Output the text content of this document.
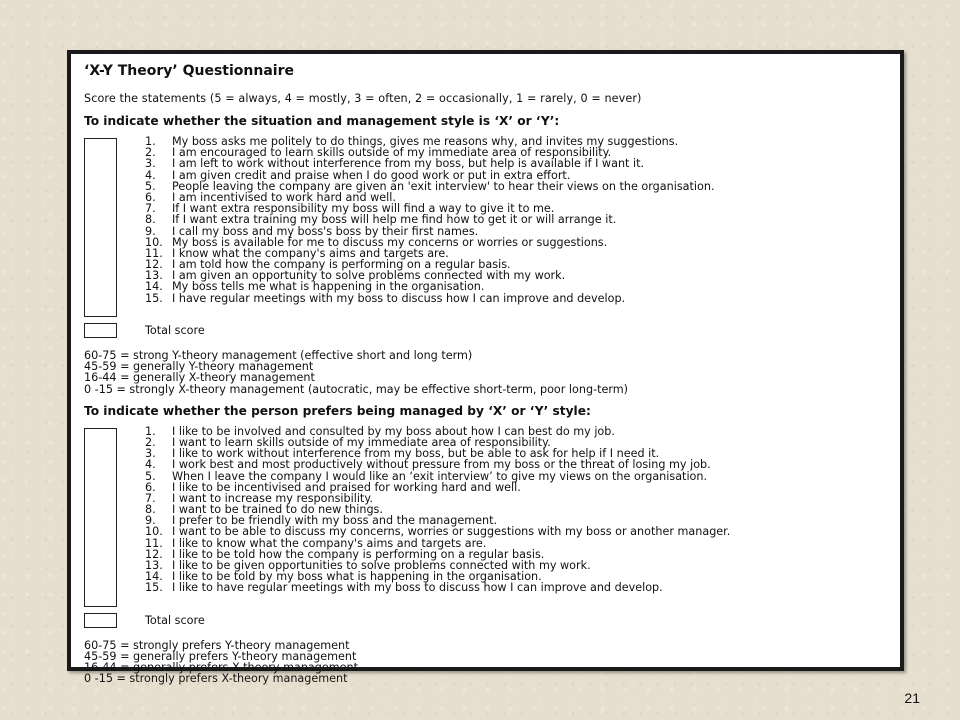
‘X-Y Theory’ Questionnaire
Score the statements (5 = always, 4 = mostly, 3 = often, 2 = occasionally, 1 = rarely, 0 = never)
To indicate whether the situation and management style is ‘X’ or ‘Y’:
1. My boss asks me politely to do things, gives me reasons why, and invites my suggestions.
2. I am encouraged to learn skills outside of my immediate area of responsibility.
3. I am left to work without interference from my boss, but help is available if I want it.
4. I am given credit and praise when I do good work or put in extra effort.
5. People leaving the company are given an 'exit interview' to hear their views on the organisation.
6. I am incentivised to work hard and well.
7. If I want extra responsibility my boss will find a way to give it to me.
8. If I want extra training my boss will help me find how to get it or will arrange it.
9. I call my boss and my boss's boss by their first names.
10. My boss is available for me to discuss my concerns or worries or suggestions.
11. I know what the company's aims and targets are.
12. I am told how the company is performing on a regular basis.
13. I am given an opportunity to solve problems connected with my work.
14. My boss tells me what is happening in the organisation.
15. I have regular meetings with my boss to discuss how I can improve and develop.
Total score
60-75 = strong Y-theory management (effective short and long term)
45-59 = generally Y-theory management
16-44 = generally X-theory management
0 -15 = strongly X-theory management (autocratic, may be effective short-term, poor long-term)
To indicate whether the person prefers being managed by ‘X’ or ‘Y’ style:
1. I like to be involved and consulted by my boss about how I can best do my job.
2. I want to learn skills outside of my immediate area of responsibility.
3. I like to work without interference from my boss, but be able to ask for help if I need it.
4. I work best and most productively without pressure from my boss or the threat of losing my job.
5. When I leave the company I would like an ‘exit interview’ to give my views on the organisation.
6. I like to be incentivised and praised for working hard and well.
7. I want to increase my responsibility.
8. I want to be trained to do new things.
9. I prefer to be friendly with my boss and the management.
10. I want to be able to discuss my concerns, worries or suggestions with my boss or another manager.
11. I like to know what the company's aims and targets are.
12. I like to be told how the company is performing on a regular basis.
13. I like to be given opportunities to solve problems connected with my work.
14. I like to be told by my boss what is happening in the organisation.
15. I like to have regular meetings with my boss to discuss how I can improve and develop.
Total score
60-75 = strongly prefers Y-theory management
45-59 = generally prefers Y-theory management
16-44 = generally prefers X-theory management
0 -15 = strongly prefers X-theory management
21
